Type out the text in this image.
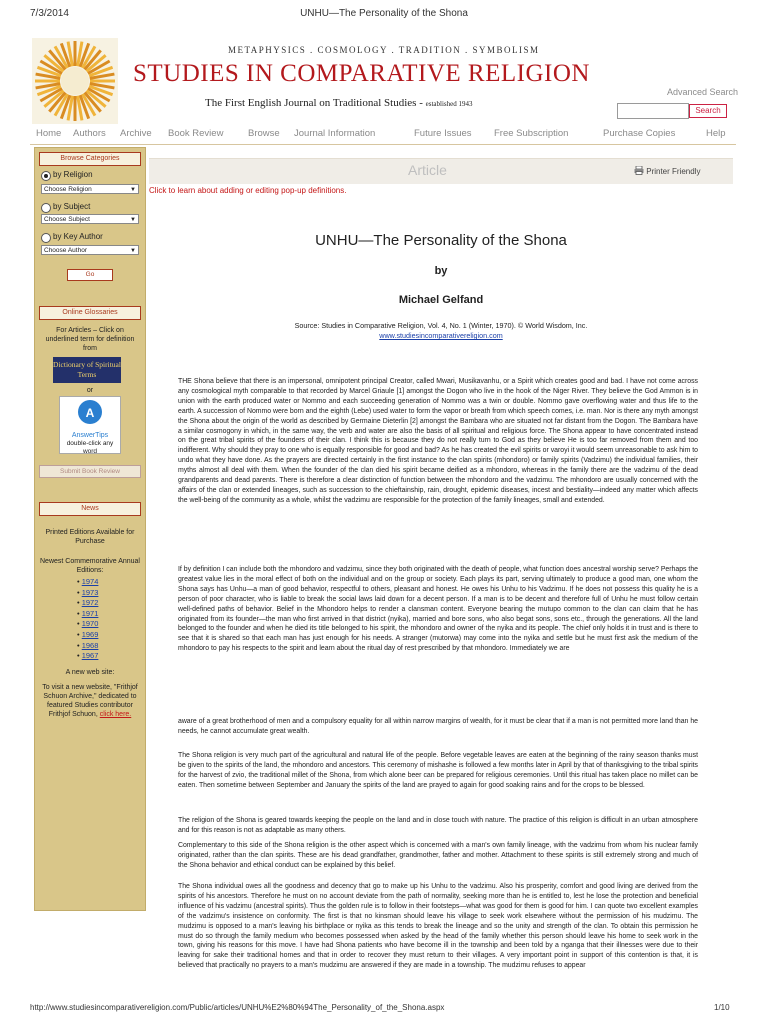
7/3/2014	UNHU—The Personality of the Shona
METAPHYSICS . COSMOLOGY . TRADITION . SYMBOLISM
STUDIES IN COMPARATIVE RELIGION
The First English Journal on Traditional Studies - established 1943
Advanced Search
Search
Home Authors Archive Book Review	Browse Journal Information	Future Issues Free Subscription	Purchase Copies	Help
Browse Categories
by Religion
Choose Religion	▼
by Subject
Choose Subject	▼
by Key Author
Choose Author	▼
Go
Online Glossaries
For Articles – Click on underlined term for definition from
Dictionary of Spiritual Terms
or
A
AnswerTips
double-click any word
Submit Book Review
News
Printed Editions Available for Purchase
Newest Commemorative Annual Editions:
• 1974
• 1973
• 1972
• 1971
• 1970
• 1969
• 1968
• 1967
A new web site:
To visit a new website, "Frithjof Schuon Archive," dedicated to featured Studies contributor Frithjof Schuon, click here.
Article	Printer Friendly
Click to learn about adding or editing pop-up definitions.
UNHU—The Personality of the Shona
by
Michael Gelfand
Source: Studies in Comparative Religion, Vol. 4, No. 1 (Winter, 1970). © World Wisdom, Inc.
www.studiesincomparativereligion.com

THE Shona believe that there is an impersonal, omnipotent principal Creator, called Mwari, Musikavanhu, or a Spirit which creates good and bad. I have not come across any cosmological myth comparable to that recorded by Marcel Griaule [1] amongst the Dogon who live in the hook of the Niger River. They believe the God Ammon is in union with the earth produced water or Nommo and each succeeding generation of Nommo was a twin or double. Nommo gave overflowing water and thus life to the earth. A succession of Nommo were born and the eighth (Lebe) used water to form the vapor or breath from which speech comes, i.e. man. Nor is there any myth amongst the Shona about the origin of the world as described by Germaine Dieterlin [2] amongst the Bambara who are situated not far distant from the Dogon. The Bambara have a similar cosmogony in which, in the same way, the verb and water are also the basis of all spiritual and religious force. The Shona appear to have concentrated instead on the great tribal spirits of the founders of their clan. I think this is because they do not really turn to God as they believe He is too far removed from them and too indifferent. Why should they pray to one who is equally responsible for good and bad? As he has created the evil spirits or varoyi it would seem unreasonable to ask him to undo what they have done. As the prayers are directed certainly in the first instance to the clan spirits (mhondoro) or family spirits (Vadzimu) the individual families, their myths almost all deal with them. When the founder of the clan died his spirit became deified as a mhondoro, whereas in the family there are the vadzimu of the dead grandparents and dead parents. There is therefore a clear distinction of function between the mhondoro and the vadzimu. The mhondoro are usually concerned with the affairs of the clan or extended lineages, such as succession to the chieftainship, rain, drought, epidemic diseases, incest and bestiality—indeed any matter which affects the well-being of the community as a whole, whilst the vadzimu are responsible for the protection of the family lineages, small and extended.

If by definition I can include both the mhondoro and vadzimu, since they both originated with the death of people, what function does ancestral worship serve? Perhaps the greatest value lies in the moral effect of both on the individual and on the group or society. Each plays its part, serving ultimately to produce a good man, one whom the Shona says has Unhu—a man of good behavior, respectful to others, pleasant and honest. He owes his Unhu to his Vadzimu. If he does not possess this quality he is a person of poor character, who is liable to break the social laws laid down for a decent person. If a man is to be decent and therefore full of Unhu he must follow certain well-defined paths of behavior. Belief in the Mhondoro helps to render a clansman content. Everyone bearing the mutupo common to the clan can claim that he has originated from its founder—the man who first arrived in that district (nyika), married and bore sons, who also begat sons, sons etc., through the generations. All the land belonged to the founder and when he died its title belonged to his spirit, the mhondoro and owner of the nyika and its people. The chief only holds it in trust and is there to see that it is shared so that each man has just enough for his needs. A stranger (mutorwa) may come into the nyika and settle but he must first ask the medium of the mhondoro to pay his respects to the spirit and learn about the ritual day of rest prescribed by that mhondoro. Immediately we are

aware of a great brotherhood of men and a compulsory equality for all within narrow margins of wealth, for it must be clear that if a man is not permitted more land than he needs, he cannot accumulate great wealth.

The Shona religion is very much part of the agricultural and natural life of the people. Before vegetable leaves are eaten at the beginning of the rainy season thanks must be given to the spirits of the land, the mhondoro and ancestors. This ceremony of mishashe is followed a few months later in April by that of thanksgiving to the tribal spirits for the harvest of zvio, the traditional millet of the Shona, from which alone beer can be prepared for religious ceremonies. Until this ritual has taken place no millet can be eaten. Then sometime between September and January the spirits of the land are prayed to again for good soaking rains and for the crops to be blessed.

The religion of the Shona is geared towards keeping the people on the land and in close touch with nature. The practice of this religion is difficult in an urban atmosphere and for this reason is not as adaptable as many others.

Complementary to this side of the Shona religion is the other aspect which is concerned with a man's own family lineage, with the vadzimu from whom his nuclear family originated, rather than the clan spirits. These are his dead grandfather, grandmother, father and mother. Attachment to these spirits is still extremely strong and much of the Shona behavior and ethical conduct can be explained by this belief.

The Shona individual owes all the goodness and decency that go to make up his Unhu to the vadzimu. Also his prosperity, comfort and good living are derived from the spirits of his ancestors. Therefore he must on no account deviate from the path of normality, seeking more than he is entitled to, lest he lose the protection and beneficial influence of his vadzimu (ancestral spirits). Thus the golden rule is to follow in their footsteps—what was good for them is good for him. I can quote two excellent examples of the vadzimu's insistence on conformity. The first is that no kinsman should leave his village to seek work elsewhere without the permission of his mudzimu. The mudzimu is opposed to a man's leaving his birthplace or nyika as this tends to break the lineage and so the unity and strength of the clan. To obtain this permission he must do so through the family medium who becomes possessed when asked by the head of the family whether this person should leave his home to seek work in the town, giving his reasons for this move. I have had Shona patients who have become ill in the township and been told by a nganga that their illnesses were due to their leaving for sake their traditional homes and that in order to recover they must return to their villages. A very important point in support of this contention is that, it is believed that practically no prayers to a man's mudzimu are answered if they are made in a township. The mudzimu refuses to appear

http://www.studiesincomparativereligion.com/Public/articles/UNHU%E2%80%94The_Personality_of_the_Shona.aspx	1/10
